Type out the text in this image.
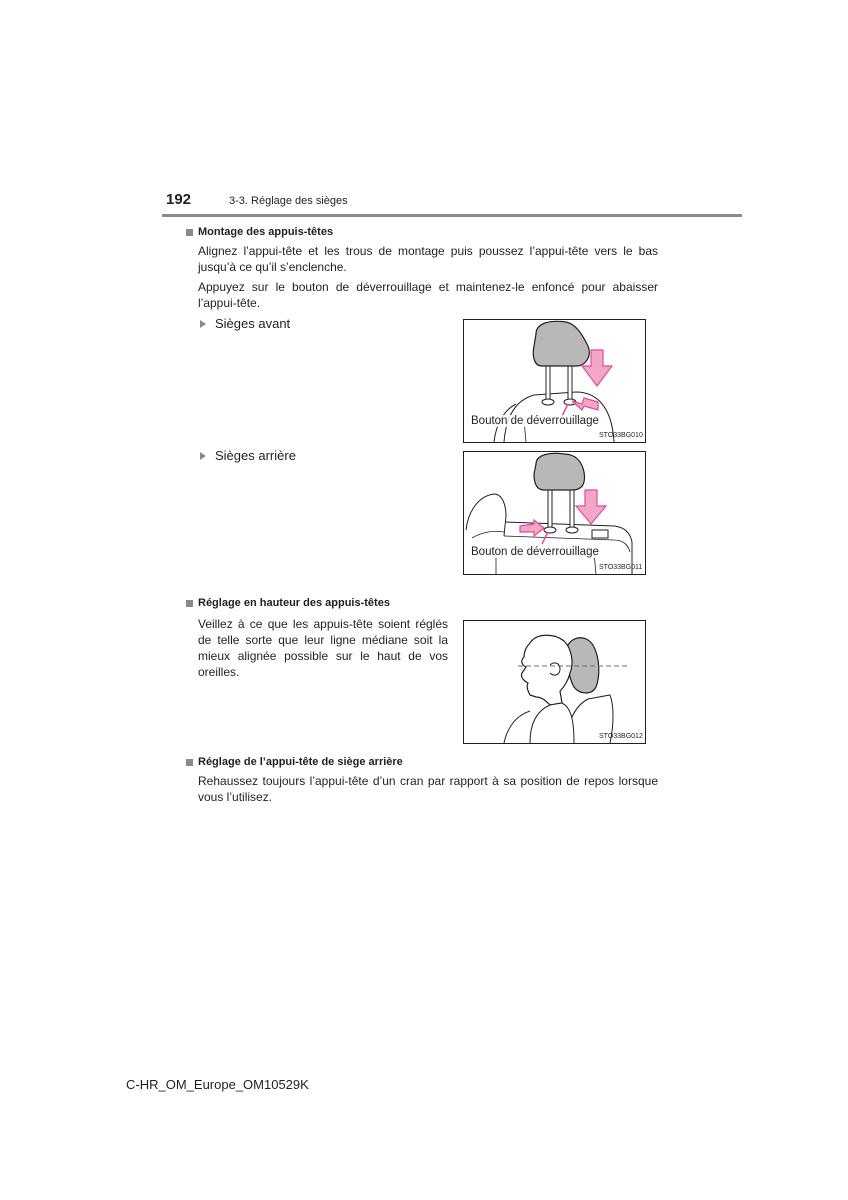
192	3-3. Réglage des sièges
Montage des appuis-têtes
Alignez l’appui-tête et les trous de montage puis poussez l’appui-tête vers le bas jusqu’à ce qu’il s’enclenche.
Appuyez sur le bouton de déverrouillage et maintenez-le enfoncé pour abaisser l’appui-tête.
Sièges avant
Bouton de déverrouillage
STO33BG010
Sièges arrière
Bouton de déverrouillage
STO33BG011
Réglage en hauteur des appuis-têtes
Veillez à ce que les appuis-tête soient réglés de telle sorte que leur ligne médiane soit la mieux alignée possible sur le haut de vos oreilles.
STO33BG012
Réglage de l’appui-tête de siège arrière
Rehaussez toujours l’appui-tête d’un cran par rapport à sa position de repos lorsque vous l’utilisez.
C-HR_OM_Europe_OM10529K
